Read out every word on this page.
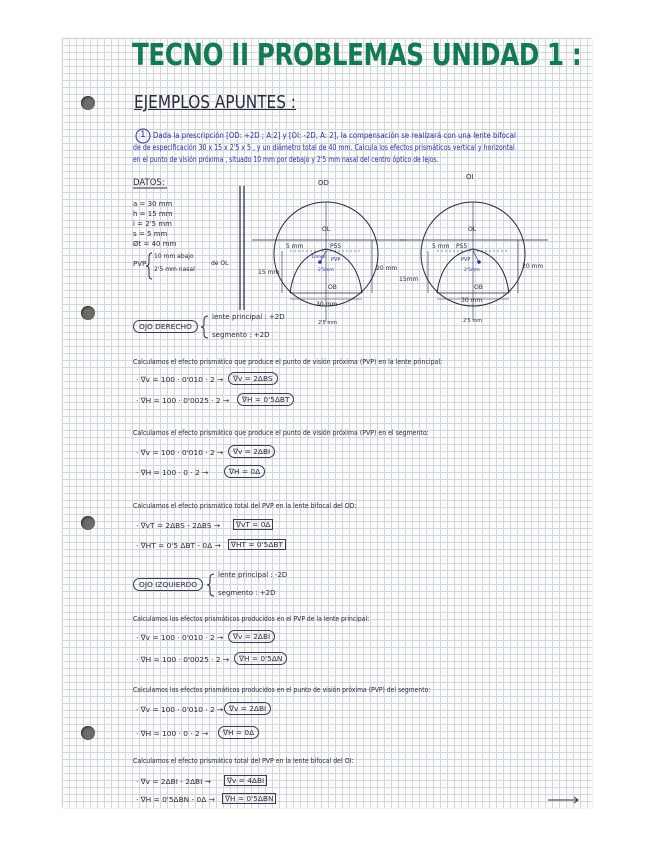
TECNO II PROBLEMAS UNIDAD 1 :
EJEMPLOS APUNTES :
1 Dada la prescripción [OD: +2D ; A:2] y [OI: -2D, A: 2], la compensación se realizará con una lente bifocal
de de especificación 30 x 15 x 2'5 x 5 , y un diámetro total de 40 mm. Calcula los efectos prismáticos vertical y horizontal
en el punto de visión próxima , situado 10 mm por debajo y 2'5 mm nasal del centro óptico de lejos.
DATOS:
a = 30 mm
h = 15 mm
i = 2'5 mm
s = 5 mm
Øt = 40 mm
PVP
10 mm abajo
2'5 mm nasal
de OL
OD
OL
OB
5 mm	P55
10mm PVP
2'5mm
15 mm
20 mm
30 mm
2'5 mm
OI
OL
OB
5 mm P55
PVP
2'5mm
15mm
20 mm
30 mm
2'5 mm
OJO DERECHO
lente principal : +2D
segmento : +2D
Calculamos el efecto prismático que produce el punto de visión próxima (PVP) en la lente principal:
· ∇v = 100 · 0'010 · 2 →	∇v = 2ΔBS
· ∇H = 100 · 0'0025 · 2 →	∇H = 0'5ΔBT
Calculamos el efecto prismático que produce el punto de visión próxima (PVP) en el segmento:
· ∇v = 100 · 0'010 · 2 →	∇v = 2ΔBI
· ∇H = 100 · 0 · 2 →	∇H = 0Δ
Calculamos el efecto prismático total del PVP en la lente bifocal del OD:
· ∇vT = 2ΔBS - 2ΔBS →	∇vT = 0Δ
· ∇HT = 0'5 ΔBT - 0Δ →	∇HT = 0'5ΔBT
OJO IZQUIERDO
lente principal : -2D
segmento : +2D
Calculamos los efectos prismáticos producidos en el PVP de la lente principal:
· ∇v = 100 · 0'010 · 2 →	∇v = 2ΔBI
· ∇H = 100 · 0'0025 · 2 →	∇H = 0'5ΔN
Calculamos los efectos prismáticos producidos en el punto de visión próxima (PVP) del segmento:
· ∇v = 100 · 0'010 · 2 → ∇v = 2ΔBI
· ∇H = 100 · 0 · 2 →	∇H = 0Δ
Calculamos el efecto prismático total del PVP en la lente bifocal del OI:
· ∇v = 2ΔBI - 2ΔBI →	∇v = 4ΔBI
· ∇H = 0'5ΔBN - 0Δ →	∇H = 0'5ΔBN
